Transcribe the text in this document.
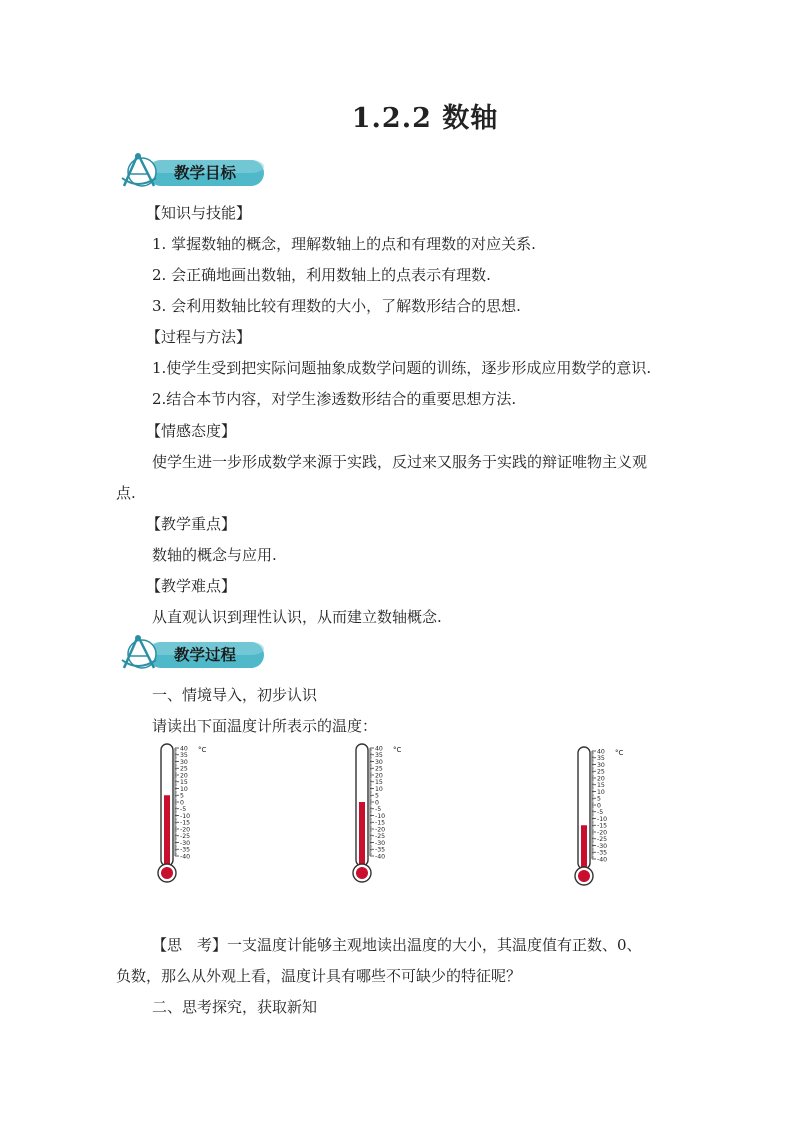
1.2.2 数轴
教学目标
【知识与技能】
1. 掌握数轴的概念，理解数轴上的点和有理数的对应关系.
2. 会正确地画出数轴，利用数轴上的点表示有理数.
3. 会利用数轴比较有理数的大小，了解数形结合的思想.
【过程与方法】
1.使学生受到把实际问题抽象成数学问题的训练，逐步形成应用数学的意识.
2.结合本节内容，对学生渗透数形结合的重要思想方法.
【情感态度】
使学生进一步形成数学来源于实践，反过来又服务于实践的辩证唯物主义观
点.
【教学重点】
数轴的概念与应用.
【教学难点】
从直观认识到理性认识，从而建立数轴概念.
教学过程
一、情境导入，初步认识
请读出下面温度计所表示的温度：
40
35
30
25
20
15
10
5
0
-5
-10
-15
-20
-25
-30
-35
-40
°C	40
35
30
25
20
15
10
5
0
-5
-10
-15
-20
-25
-30
-35
-40
°C	40
35
30
25
20
15
10
5
0
-5
-10
-15
-20
-25
-30
-35
-40
°C
【思　考】一支温度计能够主观地读出温度的大小，其温度值有正数、0、
负数，那么从外观上看，温度计具有哪些不可缺少的特征呢？
二、思考探究，获取新知
